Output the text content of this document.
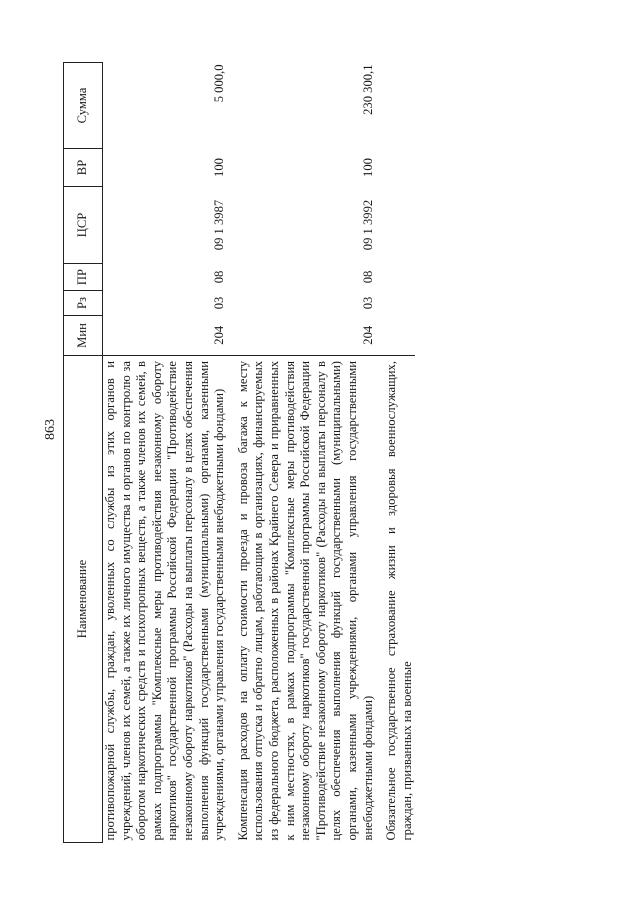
863
Наименование	Мин	Рз	ПР	ЦСР	ВР	Сумма
противопожарной службы, граждан, уволенных со службы из этих органов и учреждений, членов их семей, а также их личного имущества и органов по контролю за оборотом наркотических средств и психотропных веществ, а также членов их семей, в рамках подпрограммы "Комплексные меры противодействия незаконному обороту наркотиков" государственной программы Российской Федерации "Противодействие незаконному обороту наркотиков" (Расходы на выплаты персоналу в целях обеспечения выполнения функций государственными (муниципальными) органами, казенными учреждениями, органами управления государственными внебюджетными фондами)	204	03	08	09 1 3987	100	5 000,0

Компенсация расходов на оплату стоимости проезда и провоза багажа к месту использования отпуска и обратно лицам, работающим в организациях, финансируемых из федерального бюджета, расположенных в районах Крайнего Севера и приравненных к ним местностях, в рамках подпрограммы "Комплексные меры противодействия незаконному обороту наркотиков" государственной программы Российской Федерации "Противодействие незаконному обороту наркотиков" (Расходы на выплаты персоналу в целях обеспечения выполнения функций государственными (муниципальными) органами, казенными учреждениями, органами управления государственными внебюджетными фондами)	204	03	08	09 1 3992	100	230 300,1

Обязательное государственное страхование жизни и здоровья военнослужащих, граждан, призванных на военные						
